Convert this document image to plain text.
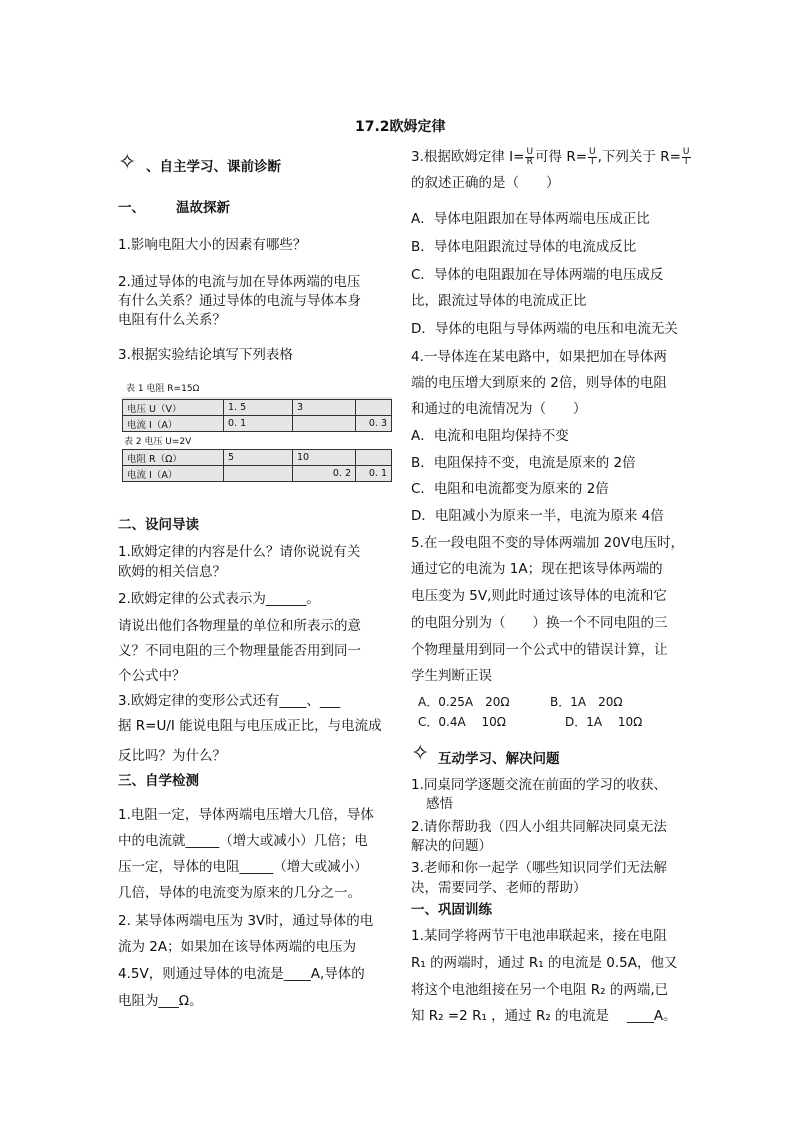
17.2欧姆定律
✧ 、自主学习、课前诊断
一、 温故探新
1.影响电阻大小的因素有哪些？
2.通过导体的电流与加在导体两端的电压
有什么关系？通过导体的电流与导体本身
电阻有什么关系？
3.根据实验结论填写下列表格
表 1 电阻 R=15Ω
电压 U（V）	1. 5	3	
电流 I（A）	0. 1		0. 3
表 2 电压 U=2V
电阻 R（Ω）	5	10	
电流 I（A）		0. 2	0. 1
二、设问导读
1.欧姆定律的内容是什么？请你说说有关
欧姆的相关信息？
2.欧姆定律的公式表示为______。
请说出他们各物理量的单位和所表示的意
义？不同电阻的三个物理量能否用到同一
个公式中？
3.欧姆定律的变形公式还有____、___
据 R=U/I 能说电阻与电压成正比，与电流成
反比吗？为什么？
三、自学检测
1.电阻一定，导体两端电压增大几倍，导体
中的电流就_____（增大或减小）几倍；电
压一定，导体的电阻_____（增大或减小）
几倍，导体的电流变为原来的几分之一。
2. 某导体两端电压为 3V时，通过导体的电
流为 2A；如果加在该导体两端的电压为
4.5V，则通过导体的电流是____A,导体的
电阻为___Ω。
3.根据欧姆定律 $I= \frac{U}{R}$ 可得 $R= \frac{U}{I}$ ,下列关于 $R= \frac{U}{I}$
的叙述正确的是（　　）
A．导体电阻跟加在导体两端电压成正比
B．导体电阻跟流过导体的电流成反比
C．导体的电阻跟加在导体两端的电压成反
比，跟流过导体的电流成正比
D．导体的电阻与导体两端的电压和电流无关
4.一导体连在某电路中，如果把加在导体两
端的电压增大到原来的 2倍，则导体的电阻
和通过的电流情况为（　　）
A．电流和电阻均保持不变
B．电阻保持不变，电流是原来的 2倍
C．电阻和电流都变为原来的 2倍
D．电阻减小为原来一半，电流为原来 4倍
5.在一段电阻不变的导体两端加 20V电压时，
通过它的电流为 1A；现在把该导体两端的
电压变为 5V,则此时通过该导体的电流和它
的电阻分别为（　　）换一个不同电阻的三
个物理量用到同一个公式中的错误计算，让
学生判断正误
A．0.25A　20Ω	B．1A　20Ω
C．0.4A　 10Ω	D．1A　 10Ω
✧ 互动学习、解决问题
1.同桌同学逐题交流在前面的学习的收获、
感悟
2.请你帮助我（四人小组共同解决同桌无法
解决的问题）
3.老师和你一起学（哪些知识同学们无法解
决，需要同学、老师的帮助）
一、巩固训练
1.某同学将两节干电池串联起来，接在电阻
R₁ 的两端时，通过 R₁ 的电流是 0.5A，他又
将这个电池组接在另一个电阻 R₂ 的两端,已
知 R₂ =2 R₁ ，通过 R₂ 的电流是　 ____A。
